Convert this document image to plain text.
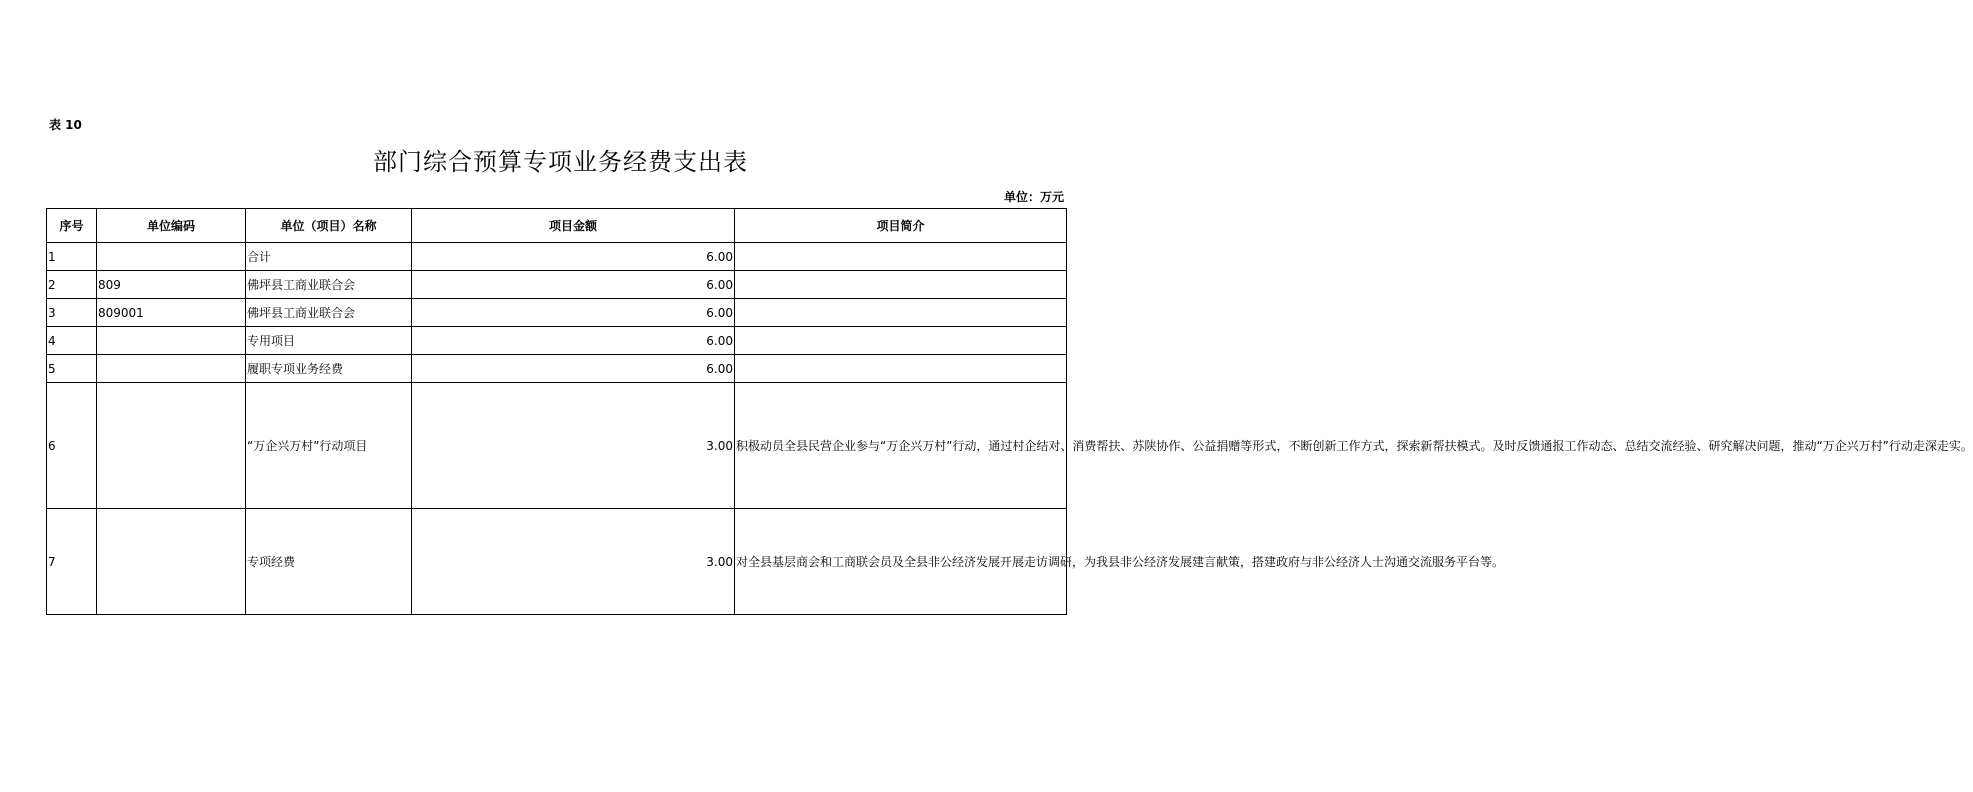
表 10
部门综合预算专项业务经费支出表
单位：万元
序号	单位编码	单位（项目）名称	项目金额	项目简介
1		合计	6.00	
2	809	佛坪县工商业联合会	6.00	
3	809001	佛坪县工商业联合会	6.00	
4		专用项目	6.00	
5		履职专项业务经费	6.00	
6		“万企兴万村”行动项目	3.00	积极动员全县民营企业参与“万企兴万村”行动，通过村企结对、消费帮扶、苏陕协作、公益捐赠等形式，不断创新工作方式，探索新帮扶模式。及时反馈通报工作动态、总结交流经验、研究解决问题，推动“万企兴万村”行动走深走实。
7		专项经费	3.00	对全县基层商会和工商联会员及全县非公经济发展开展走访调研，为我县非公经济发展建言献策，搭建政府与非公经济人士沟通交流服务平台等。
